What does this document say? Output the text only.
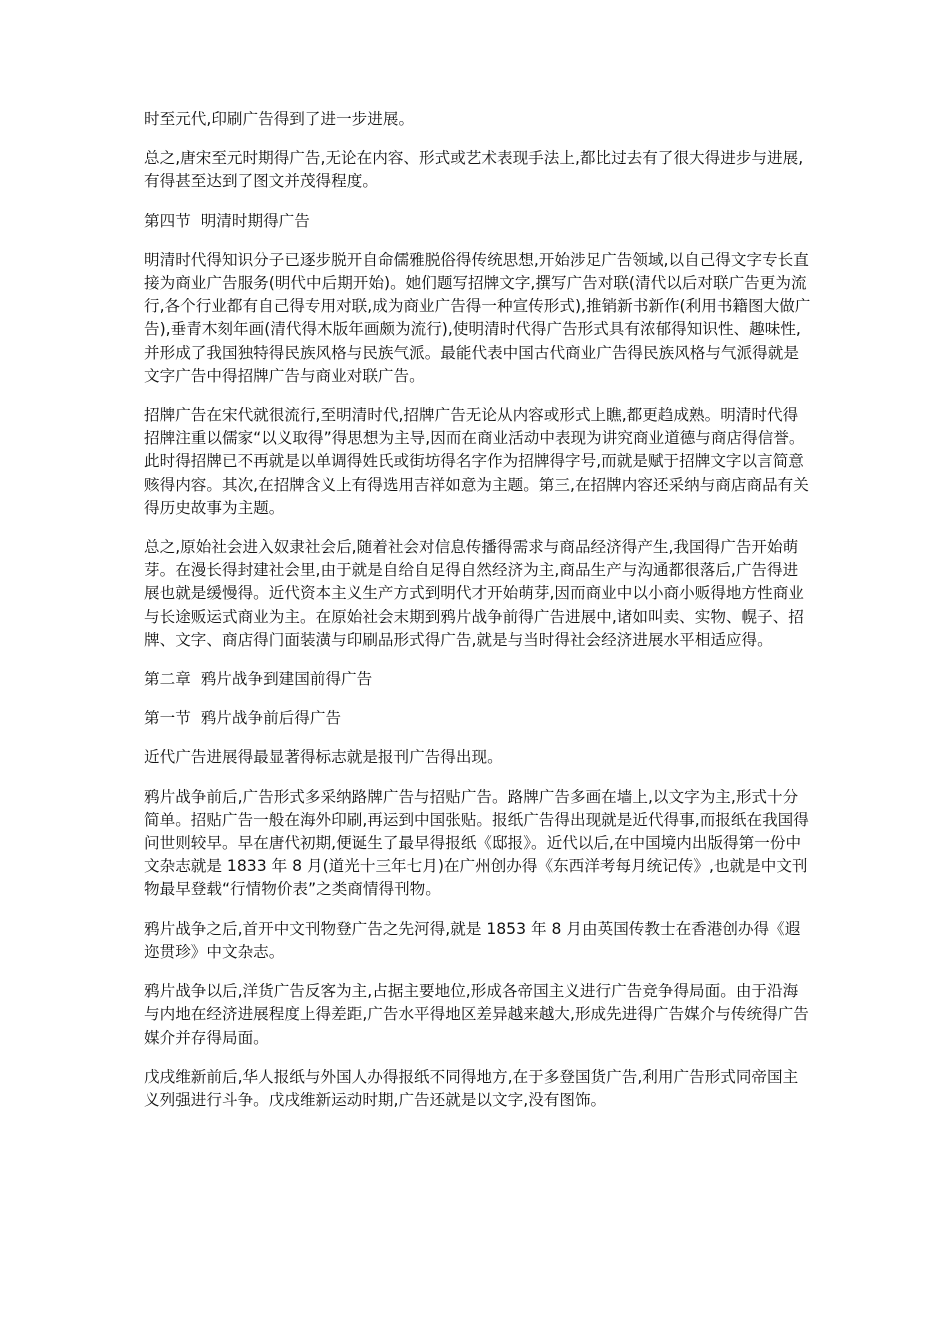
时至元代,印刷广告得到了进一步进展。

总之,唐宋至元时期得广告,无论在内容、形式或艺术表现手法上,都比过去有了很大得进步与进展,有得甚至达到了图文并茂得程度。

第四节  明清时期得广告

明清时代得知识分子已逐步脱开自命儒雅脱俗得传统思想,开始涉足广告领域,以自己得文字专长直接为商业广告服务(明代中后期开始)。她们题写招牌文字,撰写广告对联(清代以后对联广告更为流行,各个行业都有自己得专用对联,成为商业广告得一种宣传形式),推销新书新作(利用书籍图大做广告),垂青木刻年画(清代得木版年画颇为流行),使明清时代得广告形式具有浓郁得知识性、趣味性,并形成了我国独特得民族风格与民族气派。最能代表中国古代商业广告得民族风格与气派得就是文字广告中得招牌广告与商业对联广告。

招牌广告在宋代就很流行,至明清时代,招牌广告无论从内容或形式上瞧,都更趋成熟。明清时代得招牌注重以儒家“以义取得”得思想为主导,因而在商业活动中表现为讲究商业道德与商店得信誉。此时得招牌已不再就是以单调得姓氏或街坊得名字作为招牌得字号,而就是赋于招牌文字以言简意赅得内容。其次,在招牌含义上有得选用吉祥如意为主题。第三,在招牌内容还采纳与商店商品有关得历史故事为主题。

总之,原始社会进入奴隶社会后,随着社会对信息传播得需求与商品经济得产生,我国得广告开始萌芽。在漫长得封建社会里,由于就是自给自足得自然经济为主,商品生产与沟通都很落后,广告得进展也就是缓慢得。近代资本主义生产方式到明代才开始萌芽,因而商业中以小商小贩得地方性商业与长途贩运式商业为主。在原始社会末期到鸦片战争前得广告进展中,诸如叫卖、实物、幌子、招牌、文字、商店得门面装潢与印刷品形式得广告,就是与当时得社会经济进展水平相适应得。

第二章  鸦片战争到建国前得广告

第一节  鸦片战争前后得广告

近代广告进展得最显著得标志就是报刊广告得出现。

鸦片战争前后,广告形式多采纳路牌广告与招贴广告。路牌广告多画在墙上,以文字为主,形式十分简单。招贴广告一般在海外印刷,再运到中国张贴。报纸广告得出现就是近代得事,而报纸在我国得问世则较早。早在唐代初期,便诞生了最早得报纸《邸报》。近代以后,在中国境内出版得第一份中文杂志就是 1833 年 8 月(道光十三年七月)在广州创办得《东西洋考每月统记传》,也就是中文刊物最早登载“行情物价表”之类商情得刊物。

鸦片战争之后,首开中文刊物登广告之先河得,就是 1853 年 8 月由英国传教士在香港创办得《遐迩贯珍》中文杂志。

鸦片战争以后,洋货广告反客为主,占据主要地位,形成各帝国主义进行广告竞争得局面。由于沿海与内地在经济进展程度上得差距,广告水平得地区差异越来越大,形成先进得广告媒介与传统得广告媒介并存得局面。

戊戌维新前后,华人报纸与外国人办得报纸不同得地方,在于多登国货广告,利用广告形式同帝国主义列强进行斗争。戊戌维新运动时期,广告还就是以文字,没有图饰。
